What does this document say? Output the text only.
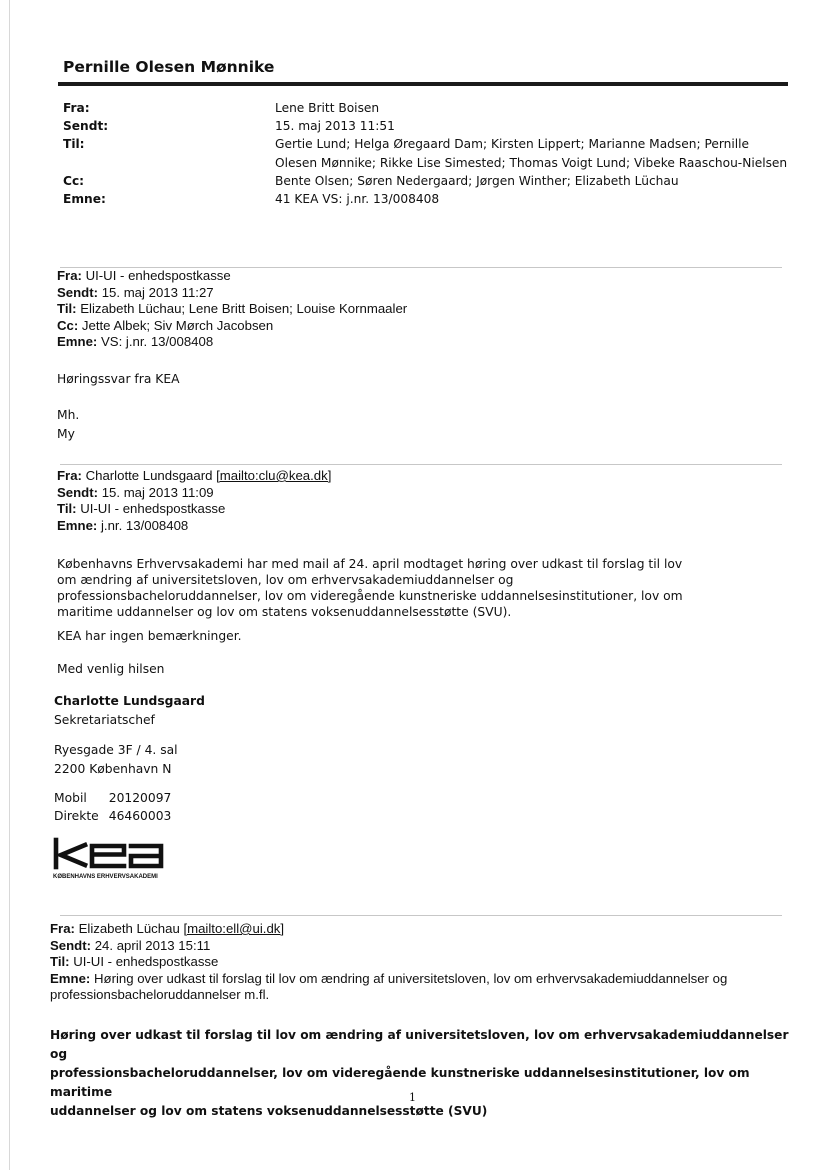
Pernille Olesen Mønnike
Fra:	Lene Britt Boisen
Sendt:	15. maj 2013 11:51
Til:	Gertie Lund; Helga Øregaard Dam; Kirsten Lippert; Marianne Madsen; Pernille
Olesen Mønnike; Rikke Lise Simested; Thomas Voigt Lund; Vibeke Raaschou-Nielsen
Cc:	Bente Olsen; Søren Nedergaard; Jørgen Winther; Elizabeth Lüchau
Emne:	41 KEA VS: j.nr. 13/008408
Fra: UI-UI - enhedspostkasse
Sendt: 15. maj 2013 11:27
Til: Elizabeth Lüchau; Lene Britt Boisen; Louise Kornmaaler
Cc: Jette Albek; Siv Mørch Jacobsen
Emne: VS: j.nr. 13/008408
Høringssvar fra KEA
Mh.
My
Fra: Charlotte Lundsgaard [mailto:clu@kea.dk]
Sendt: 15. maj 2013 11:09
Til: UI-UI - enhedspostkasse
Emne: j.nr. 13/008408
Københavns Erhvervsakademi har med mail af 24. april modtaget høring over udkast til forslag til lov
om ændring af universitetsloven, lov om erhvervsakademiuddannelser og
professionsbacheloruddannelser, lov om videregående kunstneriske uddannelsesinstitutioner, lov om
maritime uddannelser og lov om statens voksenuddannelsesstøtte (SVU).
KEA har ingen bemærkninger.
Med venlig hilsen
Charlotte Lundsgaard
Sekretariatschef
Ryesgade 3F / 4. sal
2200 København N
Mobil	20120097
Direkte	46460003
KØBENHAVNS ERHVERVSAKADEMI
Fra: Elizabeth Lüchau [mailto:ell@ui.dk]
Sendt: 24. april 2013 15:11
Til: UI-UI - enhedspostkasse
Emne: Høring over udkast til forslag til lov om ændring af universitetsloven, lov om erhvervsakademiuddannelser og
professionsbacheloruddannelser m.fl.
Høring over udkast til forslag til lov om ændring af universitetsloven, lov om erhvervsakademiuddannelser og
professionsbacheloruddannelser, lov om videregående kunstneriske uddannelsesinstitutioner, lov om maritime
uddannelser og lov om statens voksenuddannelsesstøtte (SVU)
1
